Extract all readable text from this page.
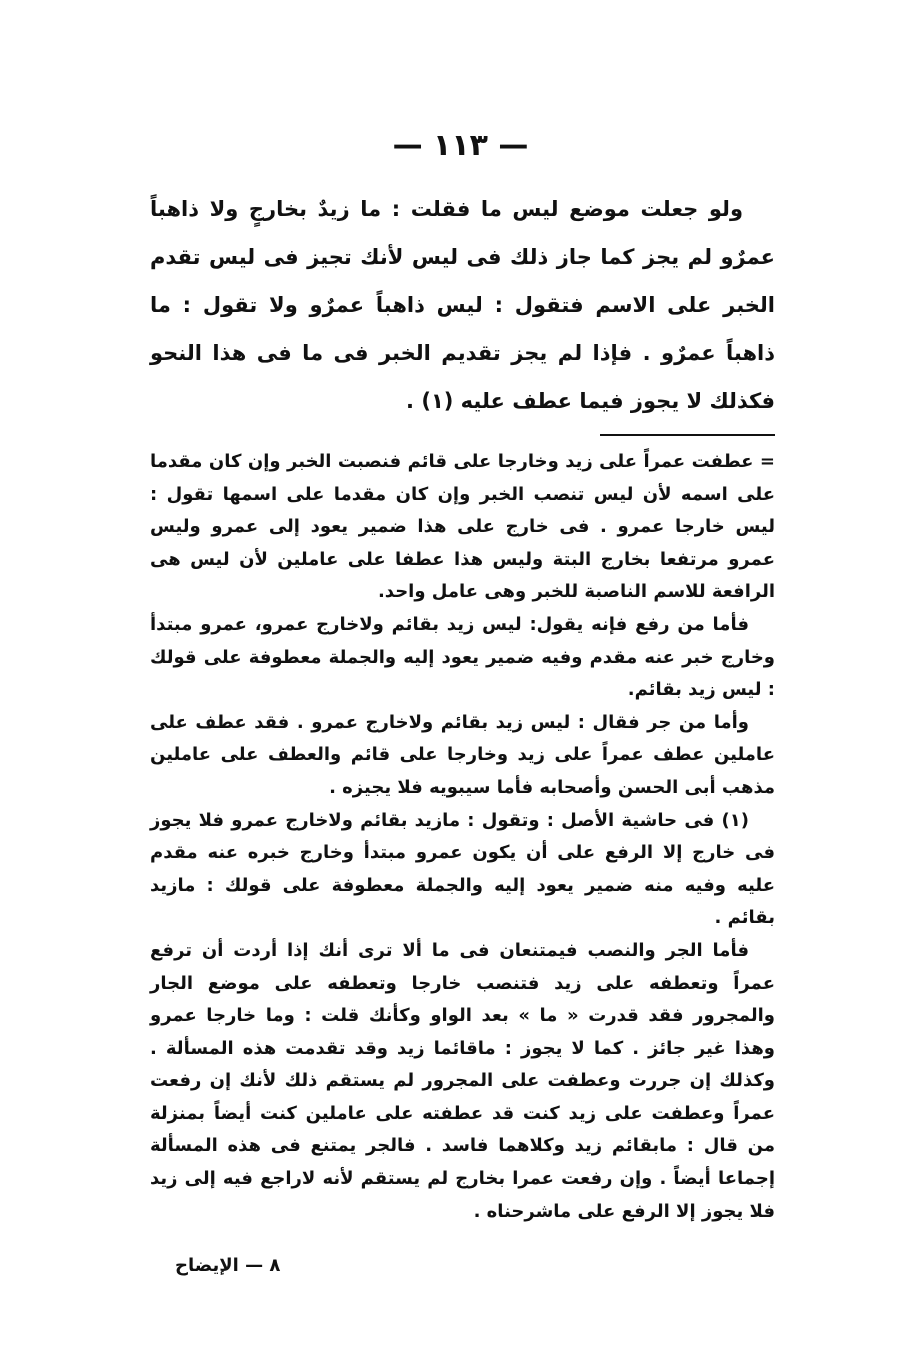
— ١١٣ —

ولو جعلت موضع ليس ما فقلت : ما زيدٌ بخارجٍ ولا ذاهباً عمرٌو لم يجز كما جاز ذلك فى ليس لأنك تجيز فى ليس تقدم الخبر على الاسم فتقول : ليس ذاهباً عمرٌو ولا تقول : ما ذاهباً عمرٌو . فإذا لم يجز تقديم الخبر فى ما فى هذا النحو فكذلك لا يجوز فيما عطف عليه (١) .

= عطفت عمراً على زيد وخارجا على قائم فنصبت الخبر وإن كان مقدما على اسمه لأن ليس تنصب الخبر وإن كان مقدما على اسمها تقول : ليس خارجا عمرو . فى خارج على هذا ضمير يعود إلى عمرو وليس عمرو مرتفعا بخارج البتة وليس هذا عطفا على عاملين لأن ليس هى الرافعة للاسم الناصبة للخبر وهى عامل واحد.

فأما من رفع فإنه يقول: ليس زيد بقائم ولاخارج عمرو، عمرو مبتدأ وخارج خبر عنه مقدم وفيه ضمير يعود إليه والجملة معطوفة على قولك : ليس زيد بقائم.

وأما من جر فقال : ليس زيد بقائم ولاخارج عمرو . فقد عطف على عاملين عطف عمراً على زيد وخارجا على قائم والعطف على عاملين مذهب أبى الحسن وأصحابه فأما سيبويه فلا يجيزه .

(١) فى حاشية الأصل : وتقول : مازيد بقائم ولاخارج عمرو فلا يجوز فى خارج إلا الرفع على أن يكون عمرو مبتدأ وخارج خبره عنه مقدم عليه وفيه منه ضمير يعود إليه والجملة معطوفة على قولك : مازيد بقائم .

فأما الجر والنصب فيمتنعان فى ما ألا ترى أنك إذا أردت أن ترفع عمراً وتعطفه على زيد فتنصب خارجا وتعطفه على موضع الجار والمجرور فقد قدرت « ما » بعد الواو وكأنك قلت : وما خارجا عمرو وهذا غير جائز . كما لا يجوز : ماقائما زيد وقد تقدمت هذه المسألة . وكذلك إن جررت وعطفت على المجرور لم يستقم ذلك لأنك إن رفعت عمراً وعطفت على زيد كنت قد عطفته على عاملين كنت أيضاً بمنزلة من قال : مابقائم زيد وكلاهما فاسد . فالجر يمتنع فى هذه المسألة إجماعا أيضاً . وإن رفعت عمرا بخارج لم يستقم لأنه لاراجع فيه إلى زيد فلا يجوز إلا الرفع على ماشرحناه .

٨ — الإيضاح
